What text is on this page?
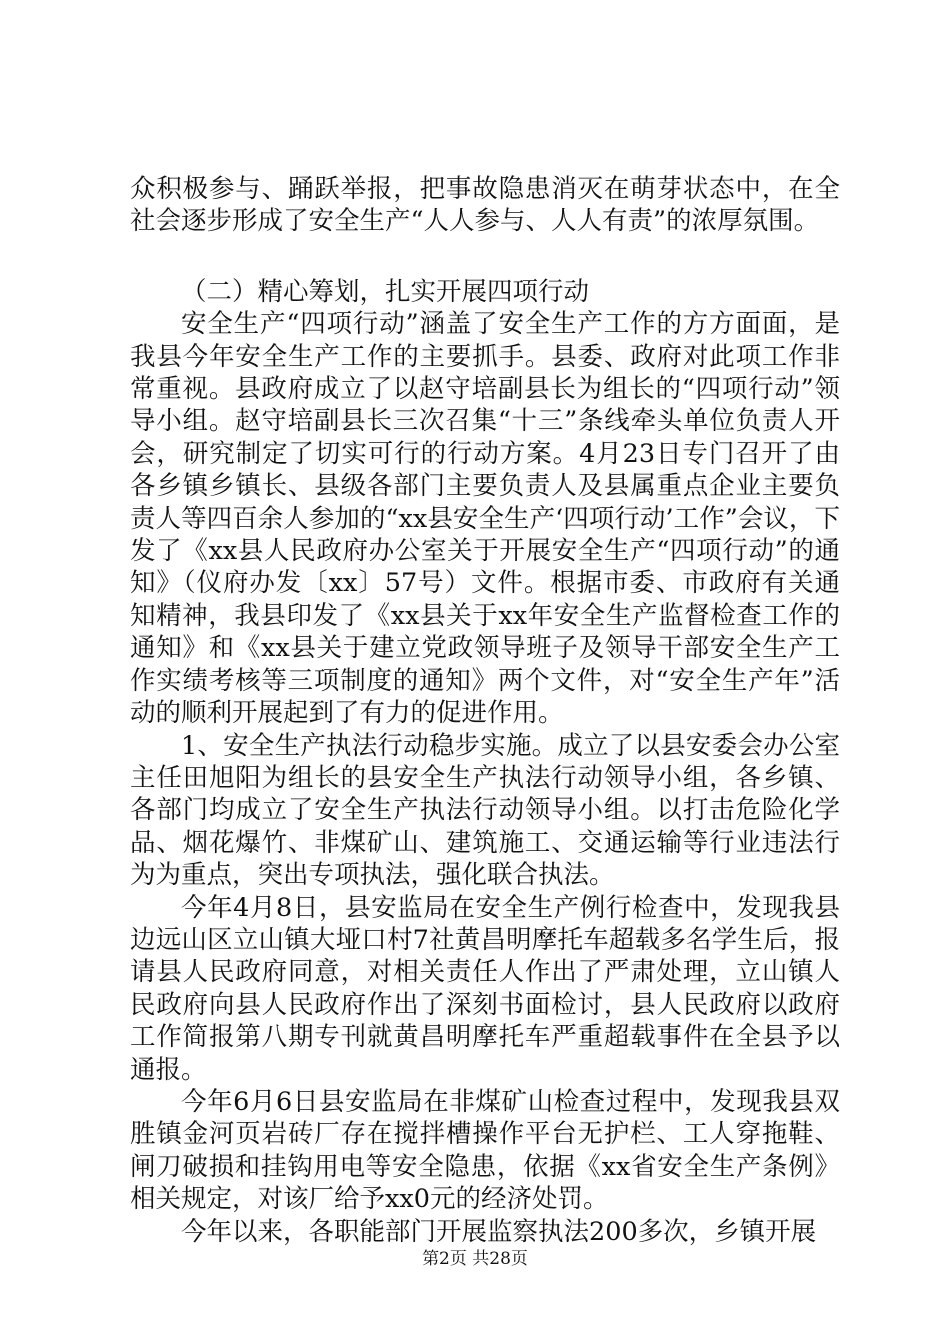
众积极参与、踊跃举报，把事故隐患消灭在萌芽状态中，在全社会逐步形成了安全生产“人人参与、人人有责”的浓厚氛围。

（二）精心筹划，扎实开展四项行动

安全生产“四项行动”涵盖了安全生产工作的方方面面，是我县今年安全生产工作的主要抓手。县委、政府对此项工作非常重视。县政府成立了以赵守培副县长为组长的“四项行动”领导小组。赵守培副县长三次召集“十三”条线牵头单位负责人开会，研究制定了切实可行的行动方案。4月23日专门召开了由各乡镇乡镇长、县级各部门主要负责人及县属重点企业主要负责人等四百余人参加的“xx县安全生产‘四项行动’工作”会议，下发了《xx县人民政府办公室关于开展安全生产“四项行动”的通知》（仪府办发〔xx〕57号）文件。根据市委、市政府有关通知精神，我县印发了《xx县关于xx年安全生产监督检查工作的通知》和《xx县关于建立党政领导班子及领导干部安全生产工作实绩考核等三项制度的通知》两个文件，对“安全生产年”活动的顺利开展起到了有力的促进作用。

1、安全生产执法行动稳步实施。成立了以县安委会办公室主任田旭阳为组长的县安全生产执法行动领导小组，各乡镇、各部门均成立了安全生产执法行动领导小组。以打击危险化学品、烟花爆竹、非煤矿山、建筑施工、交通运输等行业违法行为为重点，突出专项执法，强化联合执法。

今年4月8日，县安监局在安全生产例行检查中，发现我县边远山区立山镇大垭口村7社黄昌明摩托车超载多名学生后，报请县人民政府同意，对相关责任人作出了严肃处理，立山镇人民政府向县人民政府作出了深刻书面检讨，县人民政府以政府工作简报第八期专刊就黄昌明摩托车严重超载事件在全县予以通报。

今年6月6日县安监局在非煤矿山检查过程中，发现我县双胜镇金河页岩砖厂存在搅拌槽操作平台无护栏、工人穿拖鞋、闸刀破损和挂钩用电等安全隐患，依据《xx省安全生产条例》相关规定，对该厂给予xx0元的经济处罚。

今年以来，各职能部门开展监察执法200多次，乡镇开展

第2页 共28页
